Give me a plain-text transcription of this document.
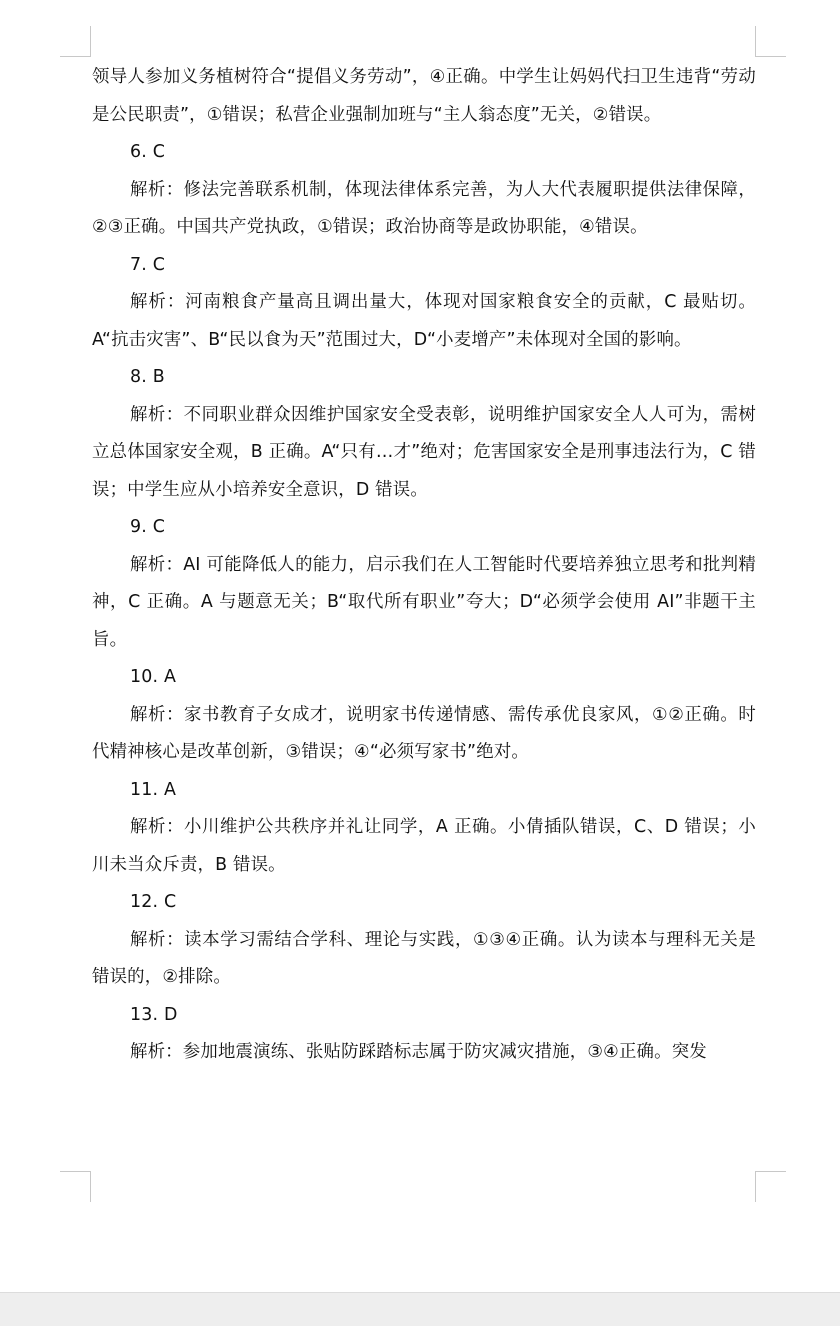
领导人参加义务植树符合“提倡义务劳动”，④正确。中学生让妈妈代扫卫生违背“劳动是公民职责”，①错误；私营企业强制加班与“主人翁态度”无关，②错误。

6. C

解析：修法完善联系机制，体现法律体系完善，为人大代表履职提供法律保障，②③正确。中国共产党执政，①错误；政治协商等是政协职能，④错误。

7. C

解析：河南粮食产量高且调出量大，体现对国家粮食安全的贡献，C 最贴切。A“抗击灾害”、B“民以食为天”范围过大，D“小麦增产”未体现对全国的影响。

8. B

解析：不同职业群众因维护国家安全受表彰，说明维护国家安全人人可为，需树立总体国家安全观，B 正确。A“只有…才”绝对；危害国家安全是刑事违法行为，C 错误；中学生应从小培养安全意识，D 错误。

9. C

解析：AI 可能降低人的能力，启示我们在人工智能时代要培养独立思考和批判精神，C 正确。A 与题意无关；B“取代所有职业”夸大；D“必须学会使用 AI”非题干主旨。

10. A

解析：家书教育子女成才，说明家书传递情感、需传承优良家风，①②正确。时代精神核心是改革创新，③错误；④“必须写家书”绝对。

11. A

解析：小川维护公共秩序并礼让同学，A 正确。小倩插队错误，C、D 错误；小川未当众斥责，B 错误。

12. C

解析：读本学习需结合学科、理论与实践，①③④正确。认为读本与理科无关是错误的，②排除。

13. D

解析：参加地震演练、张贴防踩踏标志属于防灾减灾措施，③④正确。突发
